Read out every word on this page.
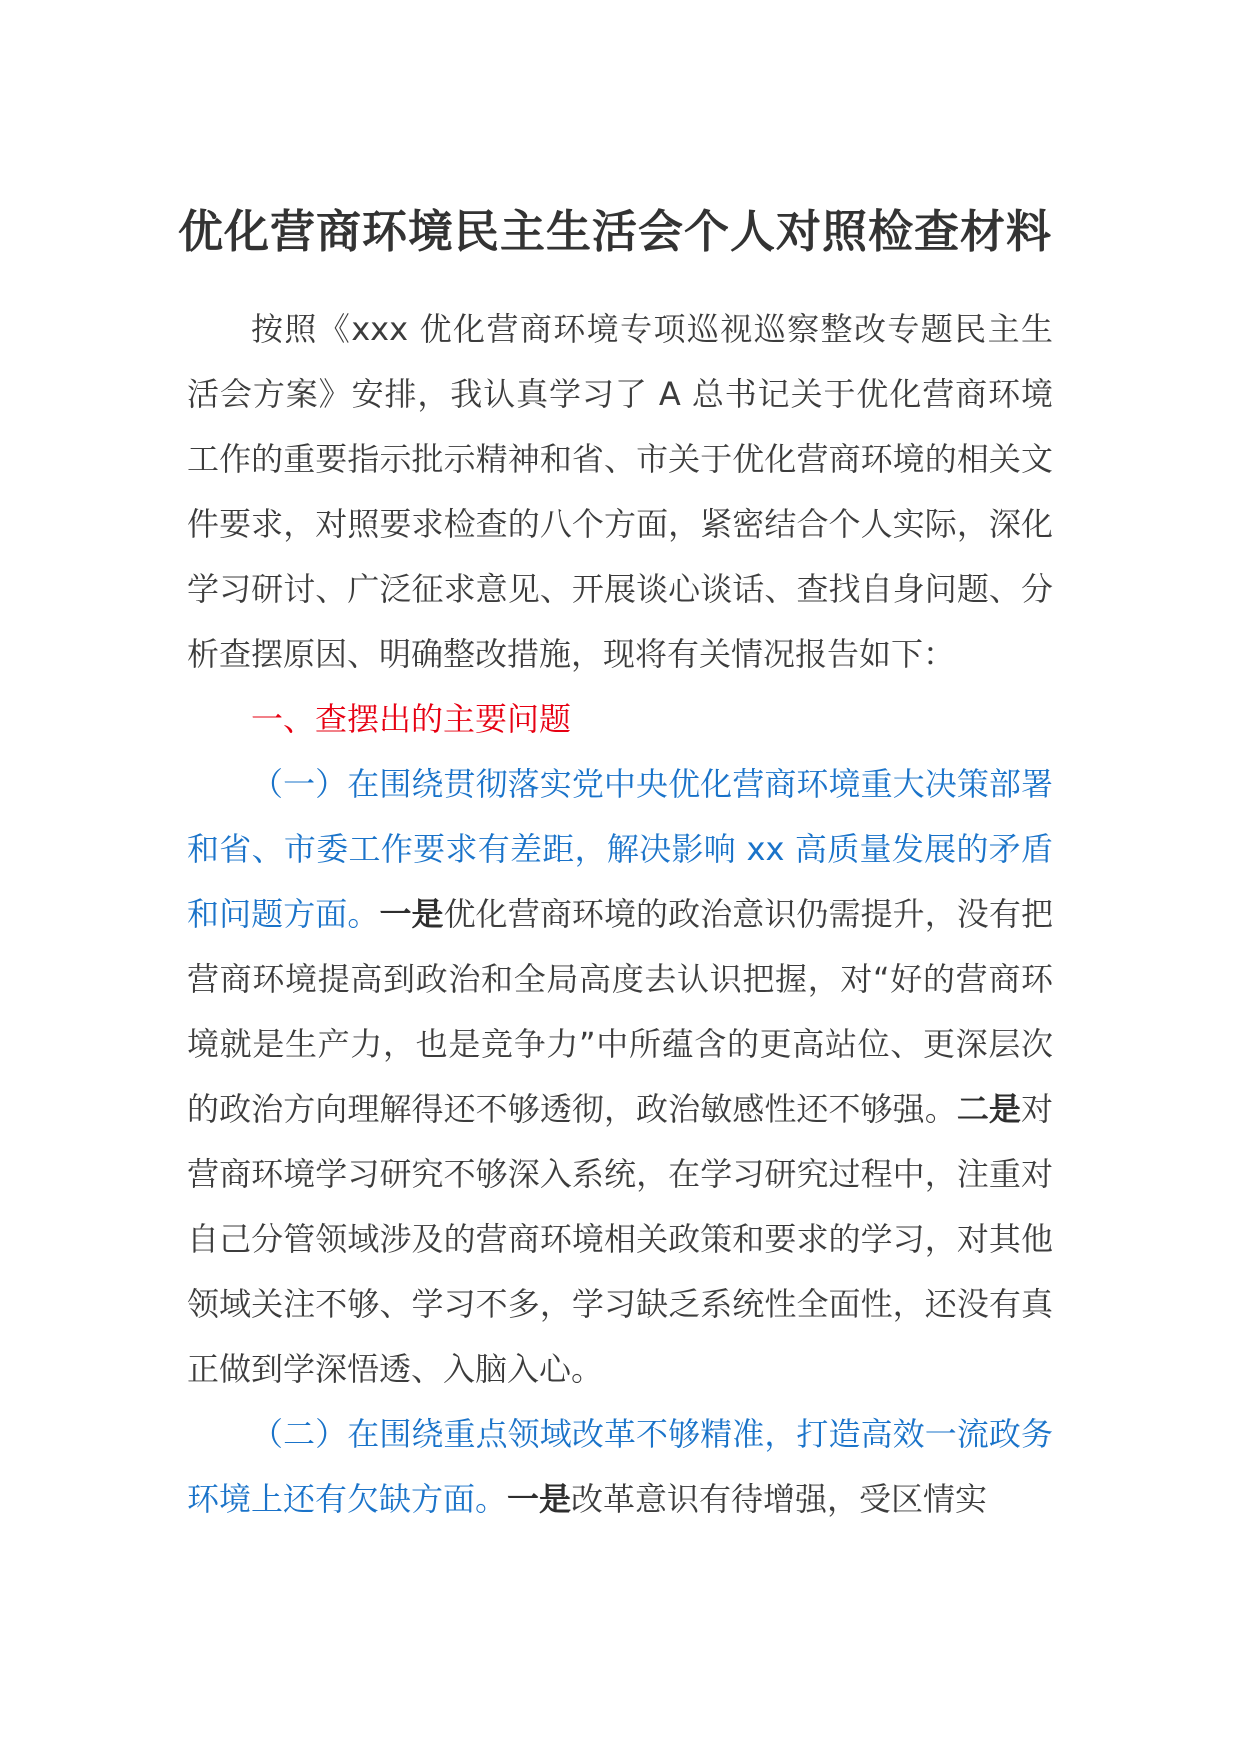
优化营商环境民主生活会个人对照检查材料

按照《xxx 优化营商环境专项巡视巡察整改专题民主生活会方案》安排，我认真学习了 A 总书记关于优化营商环境工作的重要指示批示精神和省、市关于优化营商环境的相关文件要求，对照要求检查的八个方面，紧密结合个人实际，深化学习研讨、广泛征求意见、开展谈心谈话、查找自身问题、分析查摆原因、明确整改措施，现将有关情况报告如下：

一、查摆出的主要问题

（一）在围绕贯彻落实党中央优化营商环境重大决策部署和省、市委工作要求有差距，解决影响 xx 高质量发展的矛盾和问题方面。一是优化营商环境的政治意识仍需提升，没有把营商环境提高到政治和全局高度去认识把握，对“好的营商环境就是生产力，也是竞争力”中所蕴含的更高站位、更深层次的政治方向理解得还不够透彻，政治敏感性还不够强。二是对营商环境学习研究不够深入系统，在学习研究过程中，注重对自己分管领域涉及的营商环境相关政策和要求的学习，对其他领域关注不够、学习不多，学习缺乏系统性全面性，还没有真正做到学深悟透、入脑入心。

（二）在围绕重点领域改革不够精准，打造高效一流政务环境上还有欠缺方面。一是改革意识有待增强，受区情实
